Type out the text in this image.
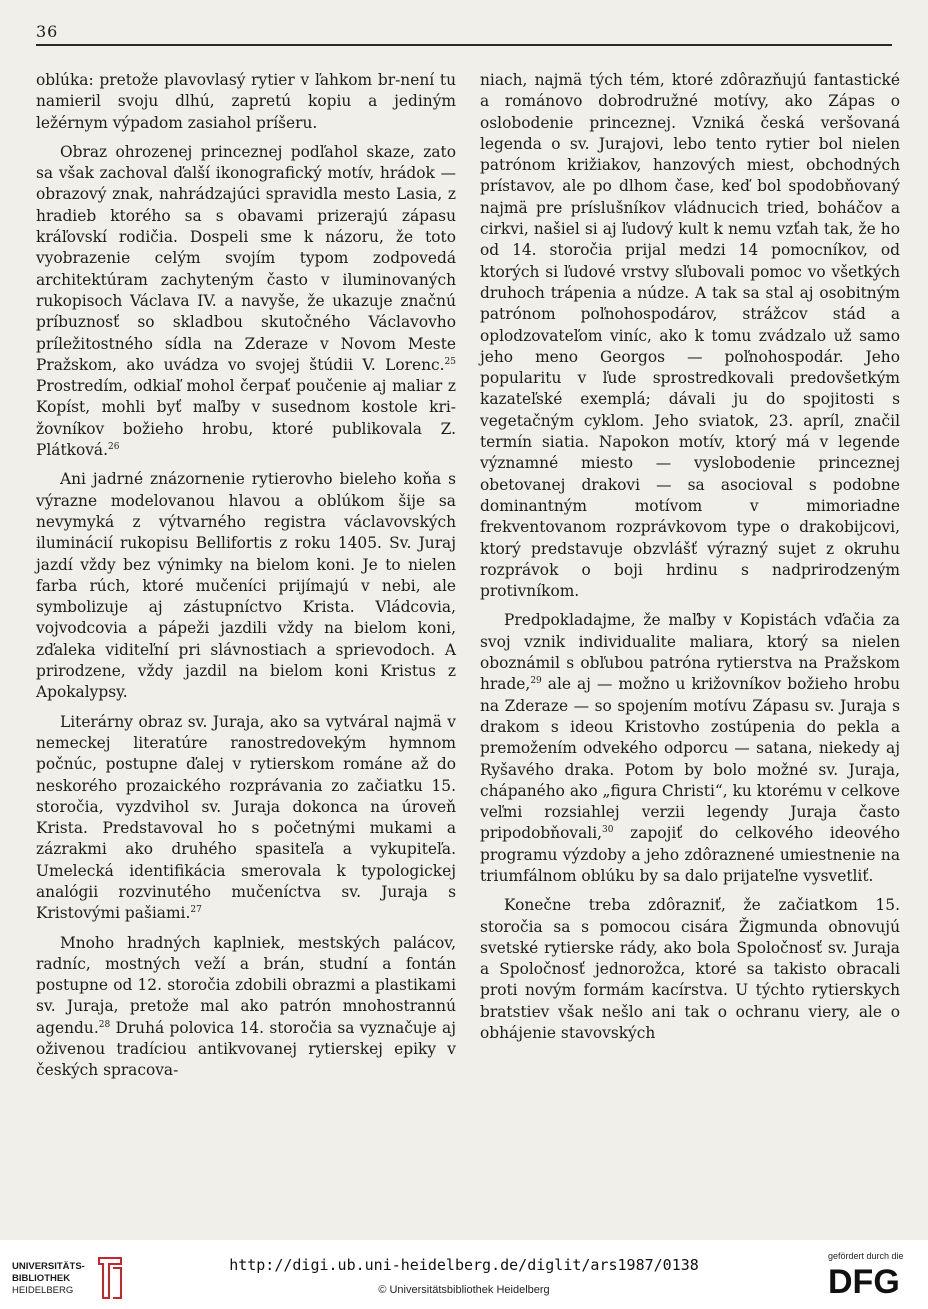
36

oblúka: pretože plavovlasý rytier v ľahkom br-není tu namieril svoju dlhú, zapretú kopiu a jediným ležérnym výpadom zasiahol príšeru.

Obraz ohrozenej princeznej podľahol skaze, zato sa však zachoval ďalší ikonografický motív, hrádok — obrazový znak, nahrádzajúci spravidla mesto Lasia, z hradieb ktorého sa s obavami prizerajú zápasu kráľovskí rodičia. Dospeli sme k názoru, že toto vyobrazenie celým svojím typom zodpovedá architektúram zachyteným často v iluminovaných rukopisoch Václava IV. a navyše, že ukazuje značnú príbuznosť so skladbou skutočného Václavovho príležitostného sídla na Zderaze v Novom Meste Pražskom, ako uvádza vo svojej štúdii V. Lorenc.$^{25}$ Prostredím, odkiaľ mohol čerpať poučenie aj maliar z Kopíst, mohli byť maľby v susednom kostole križovníkov božieho hrobu, ktoré publikovala Z. Plátková.$^{26}$

Ani jadrné znázornenie rytierovho bieleho koňa s výrazne modelovanou hlavou a oblúkom šije sa nevymyká z výtvarného registra václavovských iluminácií rukopisu Bellifortis z roku 1405. Sv. Juraj jazdí vždy bez výnimky na bielom koni. Je to nielen farba rúch, ktoré mučeníci prijímajú v nebi, ale symbolizuje aj zástupníctvo Krista. Vládcovia, vojvodcovia a pápeži jazdili vždy na bielom koni, zďaleka viditeľní pri slávnostiach a sprievodoch. A prirodzene, vždy jazdil na bielom koni Kristus z Apokalypsy.

Literárny obraz sv. Juraja, ako sa vytváral najmä v nemeckej literatúre ranostredovekým hymnom počnúc, postupne ďalej v rytierskom románe až do neskorého prozaického rozprávania zo začiatku 15. storočia, vyzdvihol sv. Juraja dokonca na úroveň Krista. Predstavoval ho s početnými mukami a zázrakmi ako druhého spasiteľa a vykupiteľa. Umelecká identifikácia smerovala k typologickej analógii rozvinutého mučeníctva sv. Juraja s Kristovými pašiami.$^{27}$

Mnoho hradných kaplniek, mestských palácov, radníc, mostných veží a brán, studní a fontán postupne od 12. storočia zdobili obrazmi a plastikami sv. Juraja, pretože mal ako patrón mnohostrannú agendu.$^{28}$ Druhá polovica 14. storočia sa vyznačuje aj oživenou tradíciou antikvovanej rytierskej epiky v českých spracova-

niach, najmä tých tém, ktoré zdôrazňujú fantastické a románovo dobrodružné motívy, ako Zápas o oslobodenie princeznej. Vzniká česká veršovaná legenda o sv. Jurajovi, lebo tento rytier bol nielen patrónom križiakov, hanzových miest, obchodných prístavov, ale po dlhom čase, keď bol spodobňovaný najmä pre príslušníkov vládnucich tried, boháčov a cirkvi, našiel si aj ľudový kult k nemu vzťah tak, že ho od 14. storočia prijal medzi 14 pomocníkov, od ktorých si ľudové vrstvy sľubovali pomoc vo všetkých druhoch trápenia a núdze. A tak sa stal aj osobitným patrónom poľnohospodárov, strážcov stád a oplodzovateľom viníc, ako k tomu zvádzalo už samo jeho meno Georgos — poľnohospodár. Jeho popularitu v ľude sprostredkovali predovšetkým kazateľské exemplá; dávali ju do spojitosti s vegetačným cyklom. Jeho sviatok, 23. apríl, značil termín siatia. Napokon motív, ktorý má v legende významné miesto — vyslobodenie princeznej obetovanej drakovi — sa asocioval s podobne dominantným motívom v mimoriadne frekventovanom rozprávkovom type o drakobijcovi, ktorý predstavuje obzvlášť výrazný sujet z okruhu rozprávok o boji hrdinu s nadprirodzeným protivníkom.

Predpokladajme, že maľby v Kopistách vďačia za svoj vznik individualite maliara, ktorý sa nielen oboznámil s obľubou patróna rytierstva na Pražskom hrade,$^{29}$ ale aj — možno u križovníkov božieho hrobu na Zderaze — so spojením motívu Zápasu sv. Juraja s drakom s ideou Kristovho zostúpenia do pekla a premožením odvekého odporcu — satana, niekedy aj Ryšavého draka. Potom by bolo možné sv. Juraja, chápaného ako „figura Christi“, ku ktorému v celkove veľmi rozsiahlej verzii legendy Juraja často pripodobňovali,$^{30}$ zapojiť do celkového ideového programu výzdoby a jeho zdôraznené umiestnenie na triumfálnom oblúku by sa dalo prijateľne vysvetliť.

Konečne treba zdôrazniť, že začiatkom 15. storočia sa s pomocou cisára Žigmunda obnovujú svetské rytierske rády, ako bola Spoločnosť sv. Juraja a Spoločnosť jednorožca, ktoré sa takisto obracali proti novým formám kacírstva. U týchto rytierskych bratstiev však nešlo ani tak o ochranu viery, ale o obhájenie stavovských

UNIVERSITÄTS-
BIBLIOTHEK
HEIDELBERG
http://digi.ub.uni-heidelberg.de/diglit/ars1987/0138
© Universitätsbibliothek Heidelberg
gefördert durch die
DFG
